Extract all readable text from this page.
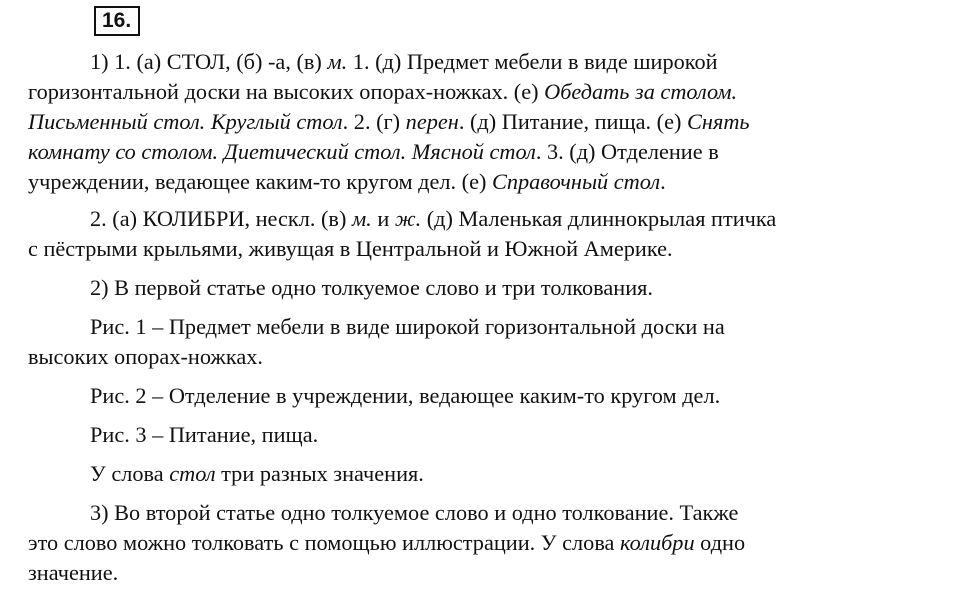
16.
1) 1. (а) СТОЛ, (б) -а, (в) м. 1. (д) Предмет мебели в виде широкой
горизонтальной доски на высоких опорах-ножках. (е) Обедать за столом.
Письменный стол. Круглый стол. 2. (г) перен. (д) Питание, пища. (е) Снять
комнату со столом. Диетический стол. Мясной стол. 3. (д) Отделение в
учреждении, ведающее каким-то кругом дел. (е) Справочный стол.
2. (а) КОЛИБРИ, нескл. (в) м. и ж. (д) Маленькая длиннокрылая птичка
с пёстрыми крыльями, живущая в Центральной и Южной Америке.
2) В первой статье одно толкуемое слово и три толкования.
Рис. 1 – Предмет мебели в виде широкой горизонтальной доски на
высоких опорах-ножках.
Рис. 2 – Отделение в учреждении, ведающее каким-то кругом дел.
Рис. 3 – Питание, пища.
У слова стол три разных значения.
3) Во второй статье одно толкуемое слово и одно толкование. Также
это слово можно толковать с помощью иллюстрации. У слова колибри одно
значение.
